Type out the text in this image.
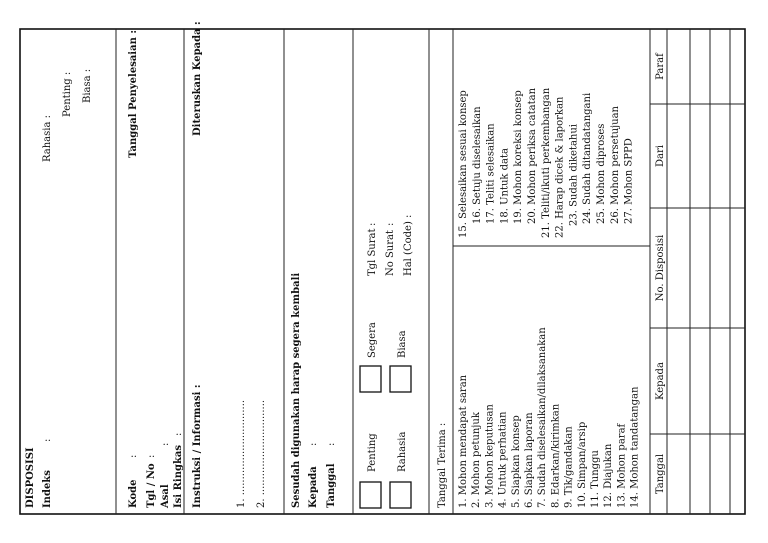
DISPOSISI Indeks
:
Rahasia :
Penting : Biasa :
Kode
:
Tanggal Penyelesaian :
Tgl / No
:
Asal
:
Isi Ringkas
: Instruksi / Informasi :
Diteruskan Kepada :
1. .............................. 2. .............................. Sesudah digunakan harap segera kembali Kepada
:
Tanggal
:	Penting Rahasia
Segera Biasa
Tgl Surat
:
No Surat
: Hal (Code) :
Tanggal Terima : 1. Mohon mendapat saran 2. Mohon petunjuk 3. Mohon keputusan 4. Untuk perhatian 5. Siapkan konsep 6. Siapkan laporan 7. Sudah diselesaikan/dilaksanakan 8. Edarkan/kirimkan 9. Tik/gandakan 10. Simpan/arsip 11. Tunggu 12. Diajukan 13. Mohon paraf 14. Mohon tandatangan
15. Selesaikan sesuai konsep 16. Setuju diselesaikan 17. Teliti selesaikan 18. Untuk data 19. Mohon koreksi konsep 20. Mohon periksa catatan 21. Teliti/ikuti perkembangan 22. Harap dicek & laporkan 23. Sudah diketahui 24. Sudah ditandatangani 25. Mohon diproses 26. Mohon persetujuan 27. Mohon SPPD
Tanggal
Kepada
No. Disposisi
Dari
Paraf
